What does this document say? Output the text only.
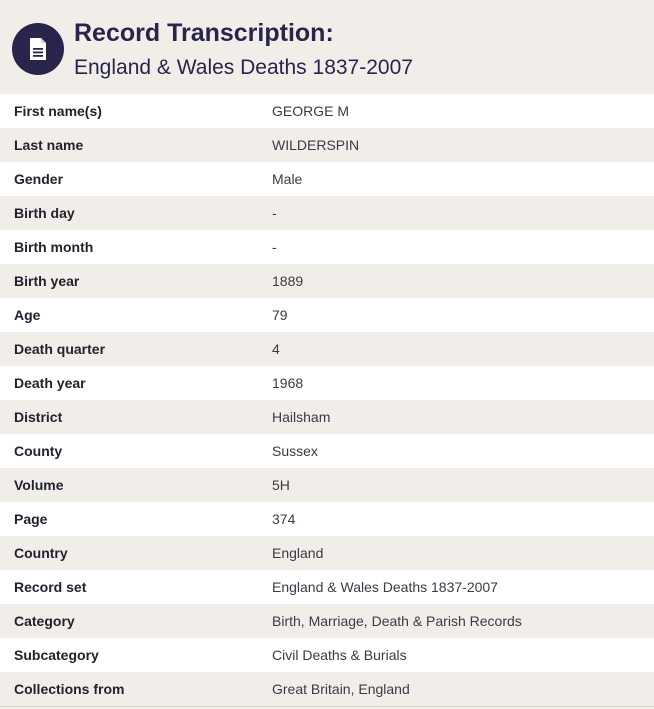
Record Transcription:
England & Wales Deaths 1837-2007
First name(s)	GEORGE M
Last name	WILDERSPIN
Gender	Male
Birth day	-
Birth month	-
Birth year	1889
Age	79
Death quarter	4
Death year	1968
District	Hailsham
County	Sussex
Volume	5H
Page	374
Country	England
Record set	England & Wales Deaths 1837-2007
Category	Birth, Marriage, Death & Parish Records
Subcategory	Civil Deaths & Burials
Collections from	Great Britain, England
